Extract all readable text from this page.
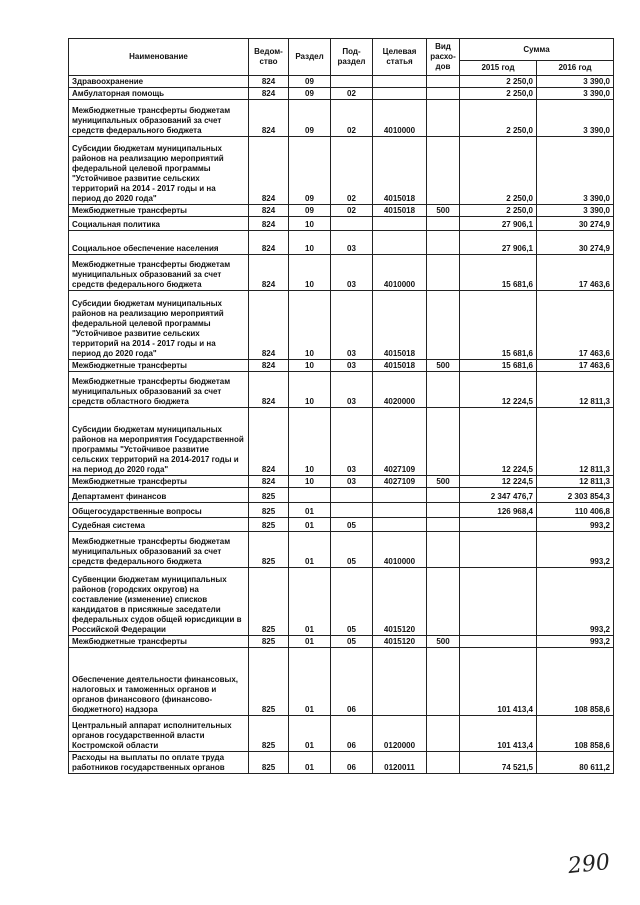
Наименование	Ведом-ство	Раздел	Под-раздел	Целевая статья	Вид расхо-дов	Сумма	
						2015 год	2016 год
Здравоохранение	824	09				2 250,0	3 390,0
Амбулаторная помощь	824	09	02			2 250,0	3 390,0
Межбюджетные трансферты бюджетам муниципальных образований за счет средств федерального бюджета	824	09	02	4010000		2 250,0	3 390,0
Субсидии бюджетам муниципальных районов на реализацию мероприятий федеральной целевой программы "Устойчивое развитие сельских территорий на 2014 - 2017 годы и на период до 2020 года"	824	09	02	4015018		2 250,0	3 390,0
Межбюджетные трансферты	824	09	02	4015018	500	2 250,0	3 390,0
Социальная политика	824	10				27 906,1	30 274,9
Социальное обеспечение населения	824	10	03			27 906,1	30 274,9
Межбюджетные трансферты бюджетам муниципальных образований за счет средств федерального бюджета	824	10	03	4010000		15 681,6	17 463,6
Субсидии бюджетам муниципальных районов на реализацию мероприятий федеральной целевой программы "Устойчивое развитие сельских территорий на 2014 - 2017 годы и на период до 2020 года"	824	10	03	4015018		15 681,6	17 463,6
Межбюджетные трансферты	824	10	03	4015018	500	15 681,6	17 463,6
Межбюджетные трансферты бюджетам муниципальных образований за счет средств областного бюджета	824	10	03	4020000		12 224,5	12 811,3
Субсидии бюджетам муниципальных районов на мероприятия Государственной программы "Устойчивое развитие сельских территорий на 2014-2017 годы и на период до 2020 года"	824	10	03	4027109		12 224,5	12 811,3
Межбюджетные трансферты	824	10	03	4027109	500	12 224,5	12 811,3
Департамент финансов	825					2 347 476,7	2 303 854,3
Общегосударственные вопросы	825	01				126 968,4	110 406,8
Судебная система	825	01	05				993,2
Межбюджетные трансферты бюджетам муниципальных образований за счет средств федерального бюджета	825	01	05	4010000			993,2
Субвенции бюджетам муниципальных районов (городских округов) на составление (изменение) списков кандидатов в присяжные заседатели федеральных судов общей юрисдикции в Российской Федерации	825	01	05	4015120			993,2
Межбюджетные трансферты	825	01	05	4015120	500		993,2
Обеспечение деятельности финансовых, налоговых и таможенных органов и органов финансового (финансово-бюджетного) надзора	825	01	06			101 413,4	108 858,6
Центральный аппарат исполнительных органов государственной власти Костромской области	825	01	06	0120000		101 413,4	108 858,6
Расходы на выплаты по оплате труда работников государственных органов	825	01	06	0120011		74 521,5	80 611,2
290
